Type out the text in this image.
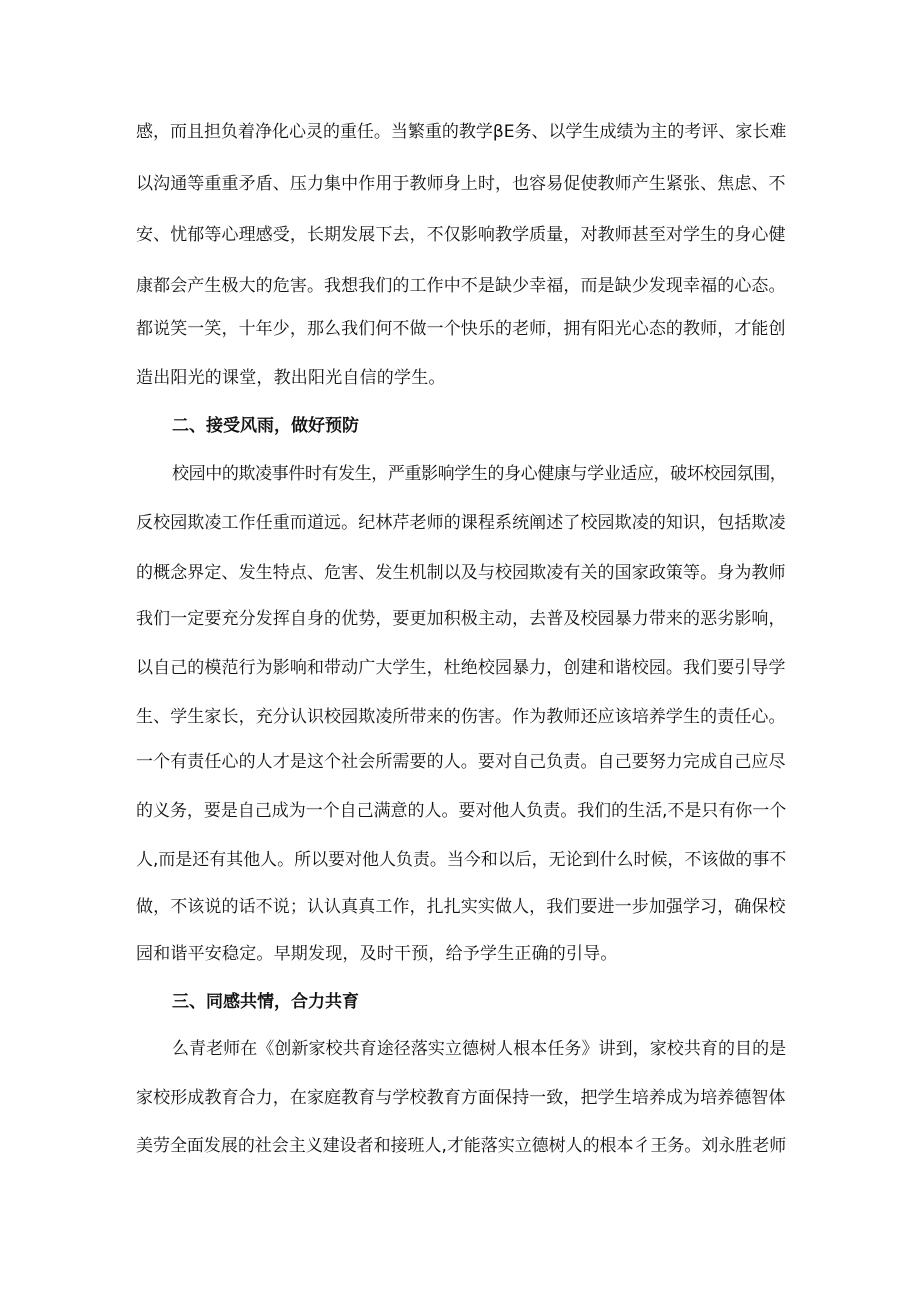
感，而且担负着净化心灵的重任。当繁重的教学βE务、以学生成绩为主的考评、家长难
以沟通等重重矛盾、压力集中作用于教师身上时，也容易促使教师产生紧张、焦虑、不
安、忧郁等心理感受，长期发展下去，不仅影响教学质量，对教师甚至对学生的身心健
康都会产生极大的危害。我想我们的工作中不是缺少幸福，而是缺少发现幸福的心态。
都说笑一笑，十年少，那么我们何不做一个快乐的老师，拥有阳光心态的教师，才能创
造出阳光的课堂，教出阳光自信的学生。
二、接受风雨，做好预防
校园中的欺凌事件时有发生，严重影响学生的身心健康与学业适应，破坏校园氛围，
反校园欺凌工作任重而道远。纪林芹老师的课程系统阐述了校园欺凌的知识，包括欺凌
的概念界定、发生特点、危害、发生机制以及与校园欺凌有关的国家政策等。身为教师
我们一定要充分发挥自身的优势，要更加积极主动，去普及校园暴力带来的恶劣影响，
以自己的模范行为影响和带动广大学生，杜绝校园暴力，创建和谐校园。我们要引导学
生、学生家长，充分认识校园欺凌所带来的伤害。作为教师还应该培养学生的责任心。
一个有责任心的人才是这个社会所需要的人。要对自己负责。自己要努力完成自己应尽
的义务，要是自己成为一个自己满意的人。要对他人负责。我们的生活,不是只有你一个
人,而是还有其他人。所以要对他人负责。当今和以后，无论到什么时候，不该做的事不
做，不该说的话不说；认认真真工作，扎扎实实做人，我们要进一步加强学习，确保校
园和谐平安稳定。早期发现，及时干预，给予学生正确的引导。
三、同感共情，合力共育
么青老师在《创新家校共育途径落实立德树人根本任务》讲到，家校共育的目的是
家校形成教育合力，在家庭教育与学校教育方面保持一致，把学生培养成为培养德智体
美劳全面发展的社会主义建设者和接班人,才能落实立德树人的根本彳王务。刘永胜老师
